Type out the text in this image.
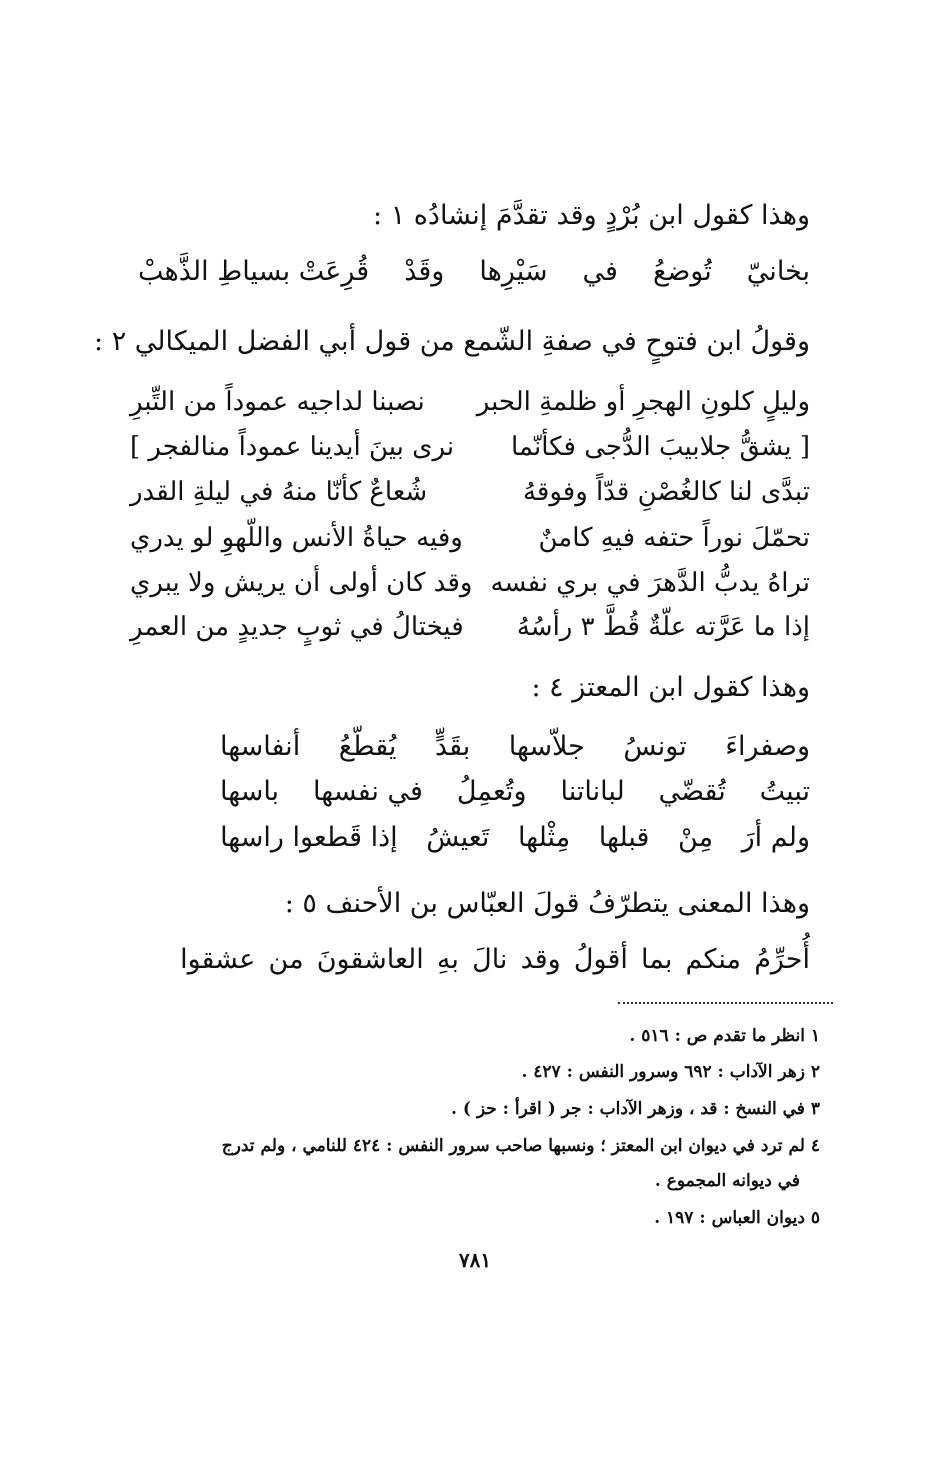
وهذا كقول ابن بُرْدٍ وقد تقدَّمَ إنشادُه ١ :
بخانيّ
تُوضعُ
في
سَيْرِها
وقَدْ
قُرِعَتْ بسياطِ الذَّهبْ
وقولُ ابن فتوحٍ في صفةِ الشّمع من قول أبي الفضل الميكالي ٢ :
وليلٍ كلونِ الهجرِ أو ظلمةِ الحبر
نصبنا لداجيه عموداً من التِّبرِ
[ يشقُّ جلابيبَ الدُّجى فكأنّما
نرى بينَ أيدينا عموداً منالفجر ]
تبدَّى لنا كالغُصْنِ قدّاً وفوقهُ
شُعاعٌ كأنّا منهُ في ليلةِ القدر
تحمّلَ نوراً حتفه فيهِ كامنٌ
وفيه حياةُ الأنس واللّهوِ لو يدري
تراهُ يدبُّ الدَّهرَ في بري نفسه
وقد كان أولى أن يريش ولا يبري
إذا ما عَرَّته علّةٌ قُطَّ ٣ رأسُهُ
فيختالُ في ثوبٍ جديدٍ من العمرِ
وهذا كقول ابن المعتز ٤ :
وصفراءَ
تونسُ
جلاّسها
بقَدٍّ
يُقطّعُ
أنفاسها
تبيتُ
تُقضّي
لباناتنا
وتُعمِلُ
في نفسها
باسها
ولم أرَ
مِنْ
قبلها
مِثْلها
تَعيشُ
إذا قَطعوا راسها
وهذا المعنى يتطرّفُ قولَ العبّاس بن الأحنف ٥ :
أُحرِّمُ
منكم
بما
أقولُ
وقد
نالَ
بهِ
العاشقونَ
من
عشقوا
١ انظر ما تقدم ص : ٥١٦ .
٢ زهر الآداب : ٦٩٢ وسرور النفس : ٤٢٧ .
٣ في النسخ : قد ، وزهر الآداب : جر ( اقرأ : حز ) .
٤ لم ترد في ديوان ابن المعتز ؛ ونسبها صاحب سرور النفس : ٤٢٤ للنامي ، ولم تدرج
في ديوانه المجموع .
٥ ديوان العباس : ١٩٧ .
٧٨١
